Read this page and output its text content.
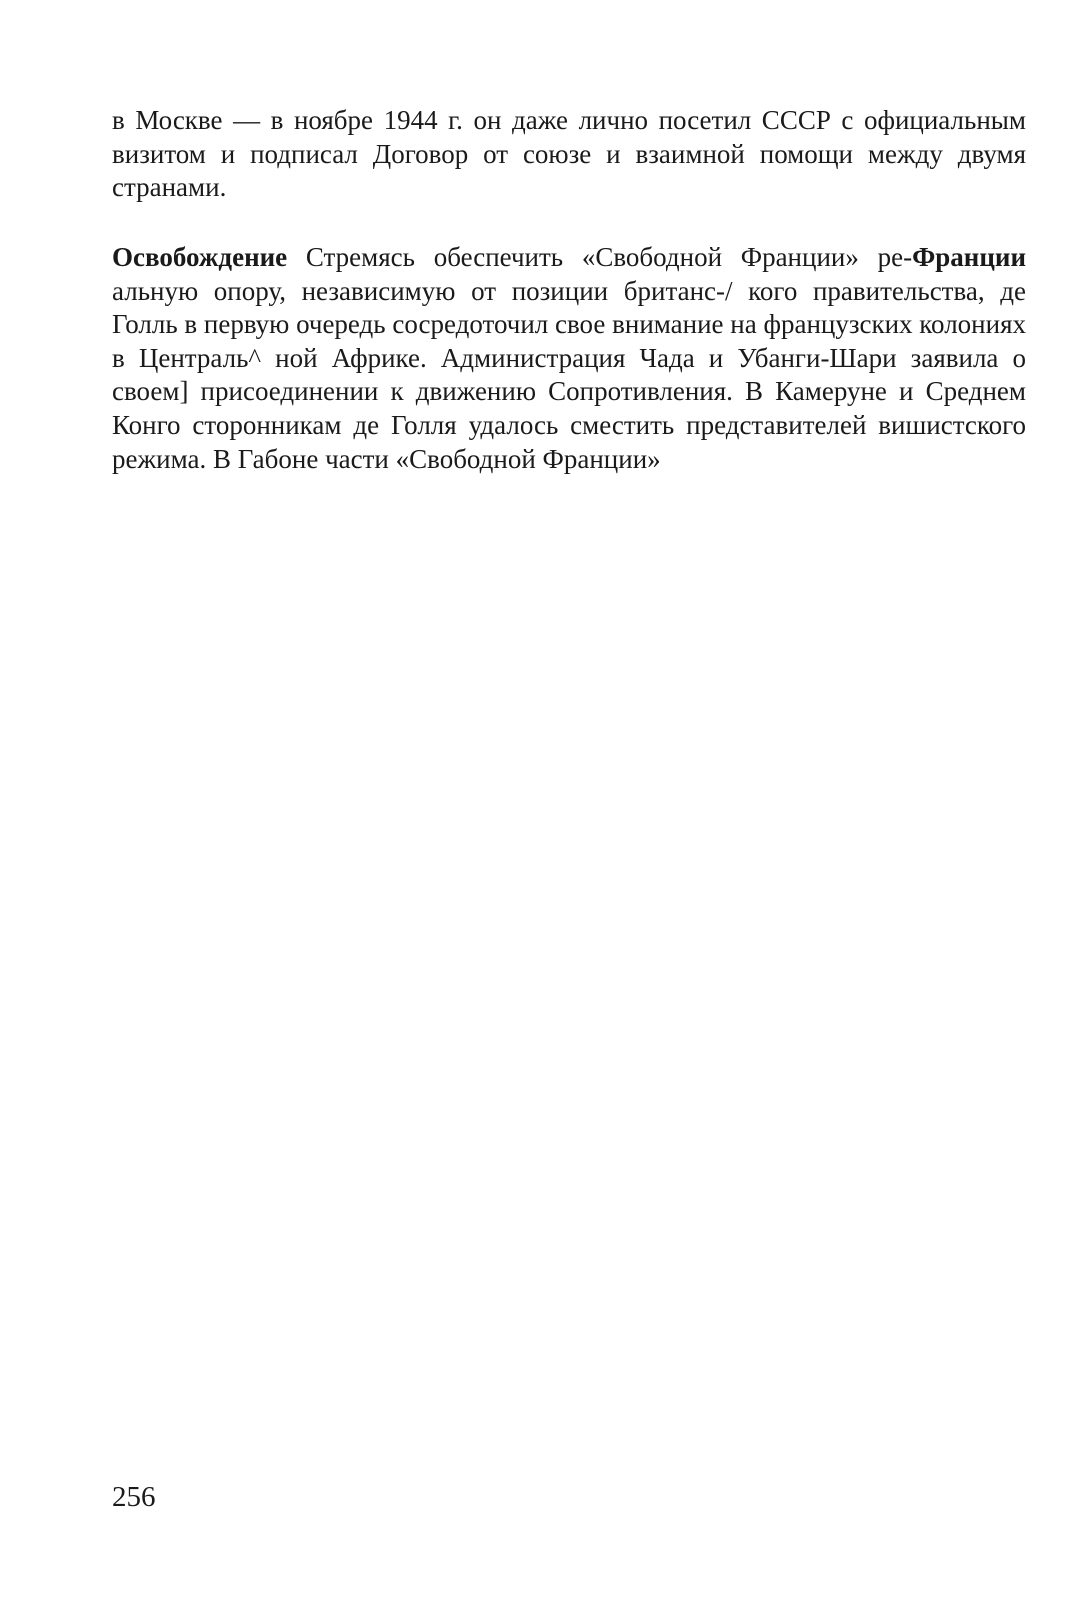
в Москве — в ноябре 1944 г. он даже лично посетил СССР с официальным визитом и подписал Договор от союзе и взаимной помощи между двумя странами.

Освобождение Стремясь обеспечить «Свободной Франции» ре-Франции альную опору, независимую от позиции британс-/ кого правительства, де Голль в первую очередь сосредоточил свое внимание на французских колониях в Централь^ ной Африке. Администрация Чада и Убанги-Шари заявила о своем] присоединении к движению Сопротивления. В Камеруне и Среднем Конго сторонникам де Голля удалось сместить представителей вишистского режима. В Габоне части «Свободной Франции»

256
